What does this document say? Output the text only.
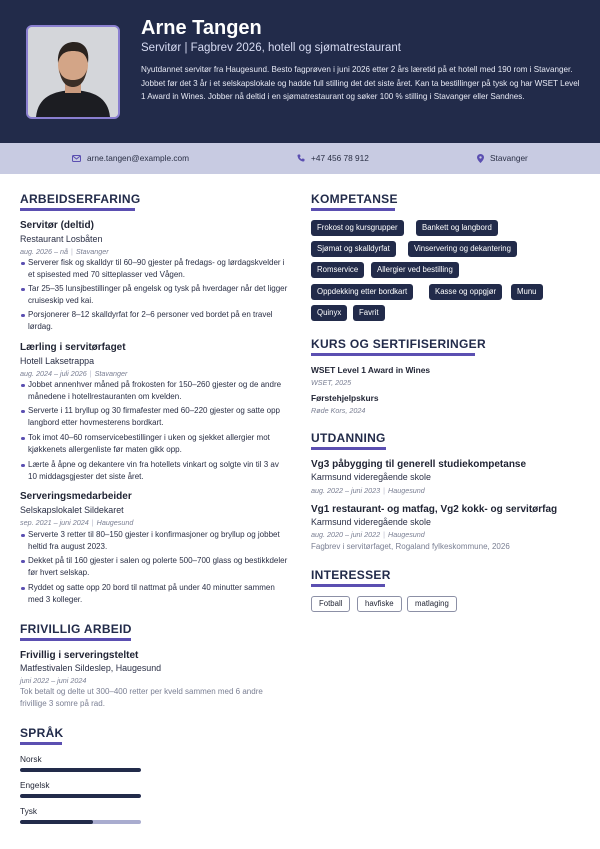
Arne Tangen
Servitør | Fagbrev 2026, hotell og sjømatrestaurant
Nyutdannet servitør fra Haugesund. Besto fagprøven i juni 2026 etter 2 års læretid på et hotell med 190 rom i Stavanger. Jobbet før det 3 år i et selskapslokale og hadde full stilling det det siste året. Kan ta bestillinger på tysk og har WSET Level 1 Award in Wines. Jobber nå deltid i en sjømatrestaurant og søker 100 % stilling i Stavanger eller Sandnes.
arne.tangen@example.com	+47 456 78 912	Stavanger
ARBEIDSERFARING
Servitør (deltid)
Restaurant Losbåten
aug. 2026 – nå | Stavanger
Serverer fisk og skalldyr til 60–90 gjester på fredags- og lørdagskvelder i et spisested med 70 sitteplasser ved Vågen.
Tar 25–35 lunsjbestillinger på engelsk og tysk på hverdager når det ligger cruiseskip ved kai.
Porsjonerer 8–12 skalldyrfat for 2–6 personer ved bordet på en travel lørdag.
Lærling i servitørfaget
Hotell Laksetrappa
aug. 2024 – juli 2026 | Stavanger
Jobbet annenhver måned på frokosten for 150–260 gjester og de andre månedene i hotellrestauranten om kvelden.
Serverte i 11 bryllup og 30 firmafester med 60–220 gjester og satte opp langbord etter hovmesterens bordkart.
Tok imot 40–60 romservicebestillinger i uken og sjekket allergier mot kjøkkenets allergenliste før maten gikk opp.
Lærte å åpne og dekantere vin fra hotellets vinkart og solgte vin til 3 av 10 middagsgjester det siste året.
Serveringsmedarbeider
Selskapslokalet Sildekaret
sep. 2021 – juni 2024 | Haugesund
Serverte 3 retter til 80–150 gjester i konfirmasjoner og bryllup og jobbet heltid fra august 2023.
Dekket på til 160 gjester i salen og polerte 500–700 glass og bestikkdeler før hvert selskap.
Ryddet og satte opp 20 bord til nattmat på under 40 minutter sammen med 3 kolleger.
FRIVILLIG ARBEID
Frivillig i serveringsteltet
Matfestivalen Sildeslep, Haugesund
juni 2022 – juni 2024
Tok betalt og delte ut 300–400 retter per kveld sammen med 6 andre frivillige 3 somre på rad.
SPRÅK
Norsk
Engelsk
Tysk
KOMPETANSE
Frokost og kursgrupper	Bankett og langbord
Sjømat og skalldyrfat	Vinservering og dekantering
Romservice	Allergier ved bestilling
Oppdekking etter bordkart	Kasse og oppgjør	Munu
Quinyx	Favrit
KURS OG SERTIFISERINGER
WSET Level 1 Award in Wines
WSET, 2025
Førstehjelpskurs
Røde Kors, 2024
UTDANNING
Vg3 påbygging til generell studiekompetanse
Karmsund videregående skole
aug. 2022 – juni 2023 | Haugesund
Vg1 restaurant- og matfag, Vg2 kokk- og servitørfag
Karmsund videregående skole
aug. 2020 – juni 2022 | Haugesund
Fagbrev i servitørfaget, Rogaland fylkeskommune, 2026
INTERESSER
Fotball	havfiske	matlaging
